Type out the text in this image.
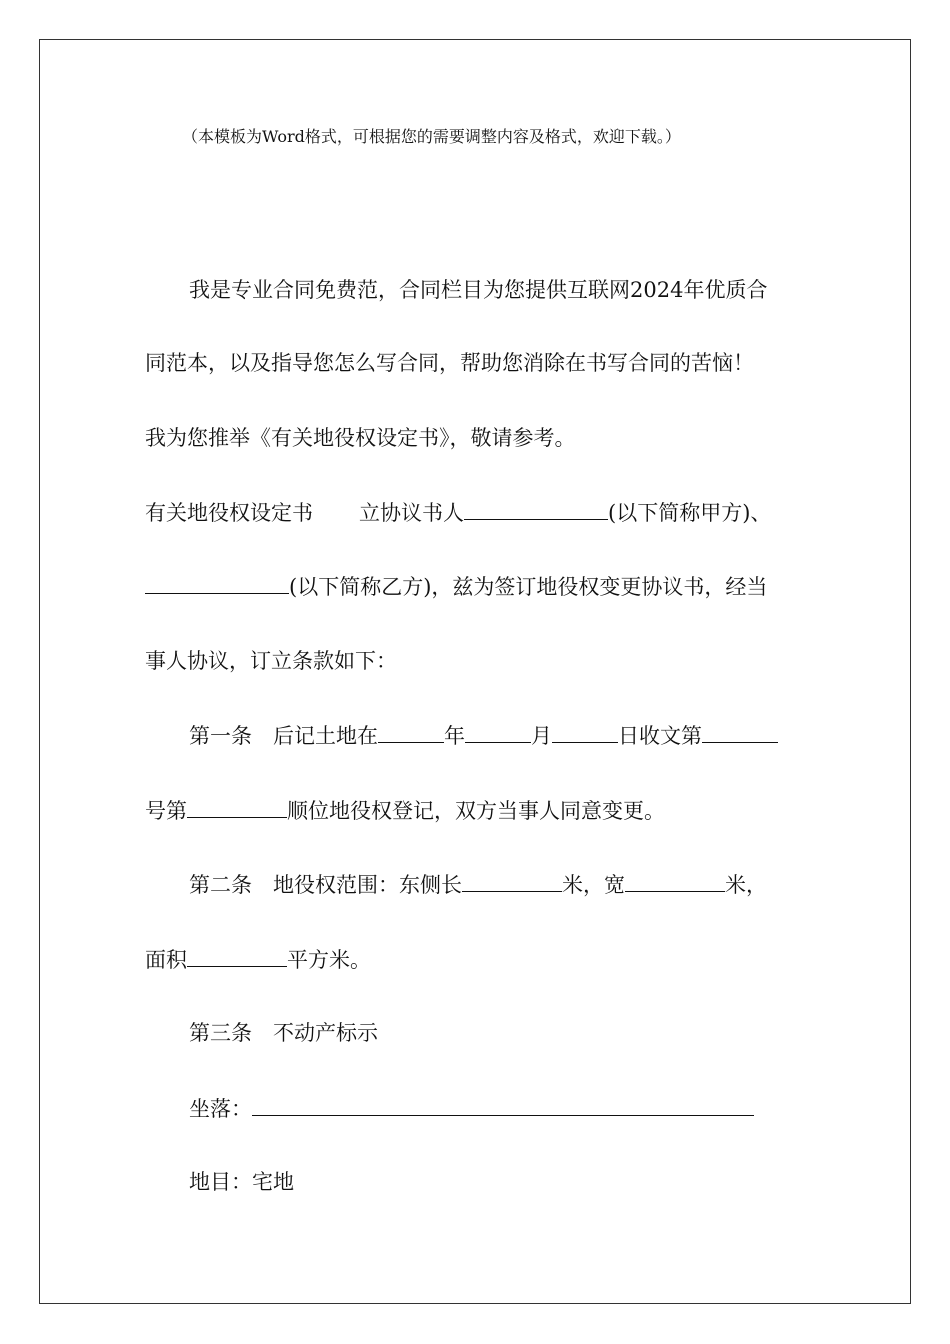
（本模板为Word格式，可根据您的需要调整内容及格式，欢迎下载。）
我是专业合同免费范，合同栏目为您提供互联网2024年优质合
同范本，以及指导您怎么写合同，帮助您消除在书写合同的苦恼！
我为您推举《有关地役权设定书》，敬请参考。
有关地役权设定书 立协议书人	(以下简称甲方)、
(以下简称乙方)，兹为签订地役权变更协议书，经当
事人协议，订立条款如下：
第一条　后记土地在	年	月	日收文第
号第	顺位地役权登记，双方当事人同意变更。
第二条　地役权范围：东侧长	米，宽	米，
面积	平方米。
第三条　不动产标示
坐落：
地目：宅地
